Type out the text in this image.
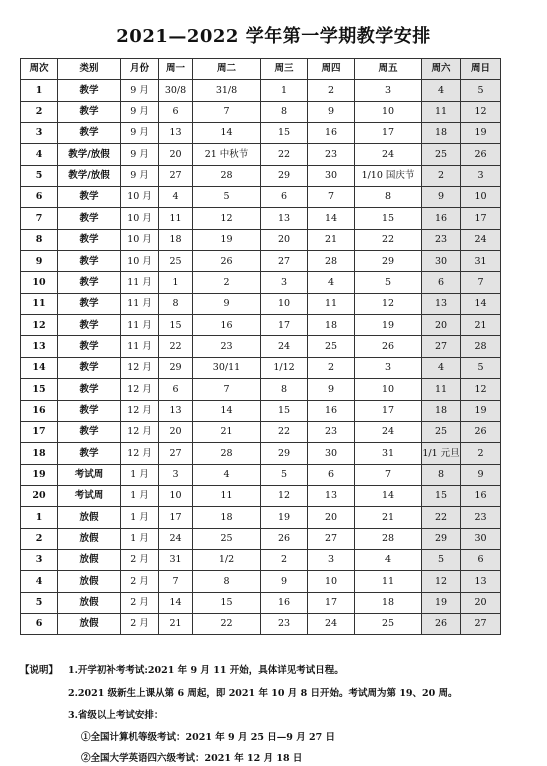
2021—2022 学年第一学期教学安排
周次	类别	月份	周一	周二	周三	周四	周五	周六	周日
1	教学	9 月	30/8	31/8	1	2	3	4	5
2	教学	9 月	6	7	8	9	10	11	12
3	教学	9 月	13	14	15	16	17	18	19
4	教学/放假	9 月	20	21 中秋节	22	23	24	25	26
5	教学/放假	9 月	27	28	29	30	1/10 国庆节	2	3
6	教学	10 月	4	5	6	7	8	9	10
7	教学	10 月	11	12	13	14	15	16	17
8	教学	10 月	18	19	20	21	22	23	24
9	教学	10 月	25	26	27	28	29	30	31
10	教学	11 月	1	2	3	4	5	6	7
11	教学	11 月	8	9	10	11	12	13	14
12	教学	11 月	15	16	17	18	19	20	21
13	教学	11 月	22	23	24	25	26	27	28
14	教学	12 月	29	30/11	1/12	2	3	4	5
15	教学	12 月	6	7	8	9	10	11	12
16	教学	12 月	13	14	15	16	17	18	19
17	教学	12 月	20	21	22	23	24	25	26
18	教学	12 月	27	28	29	30	31	1/1 元旦	2
19	考试周	1 月	3	4	5	6	7	8	9
20	考试周	1 月	10	11	12	13	14	15	16
1	放假	1 月	17	18	19	20	21	22	23
2	放假	1 月	24	25	26	27	28	29	30
3	放假	2 月	31	1/2	2	3	4	5	6
4	放假	2 月	7	8	9	10	11	12	13
5	放假	2 月	14	15	16	17	18	19	20
6	放假	2 月	21	22	23	24	25	26	27
【说明】 1.开学初补考考试:2021 年 9 月 11 开始，具体详见考试日程。
2.2021 级新生上课从第 6 周起，即 2021 年 10 月 8 日开始。考试周为第 19、20 周。
3.省级以上考试安排：
①全国计算机等级考试：2021 年 9 月 25 日—9 月 27 日
②全国大学英语四六级考试：2021 年 12 月 18 日
